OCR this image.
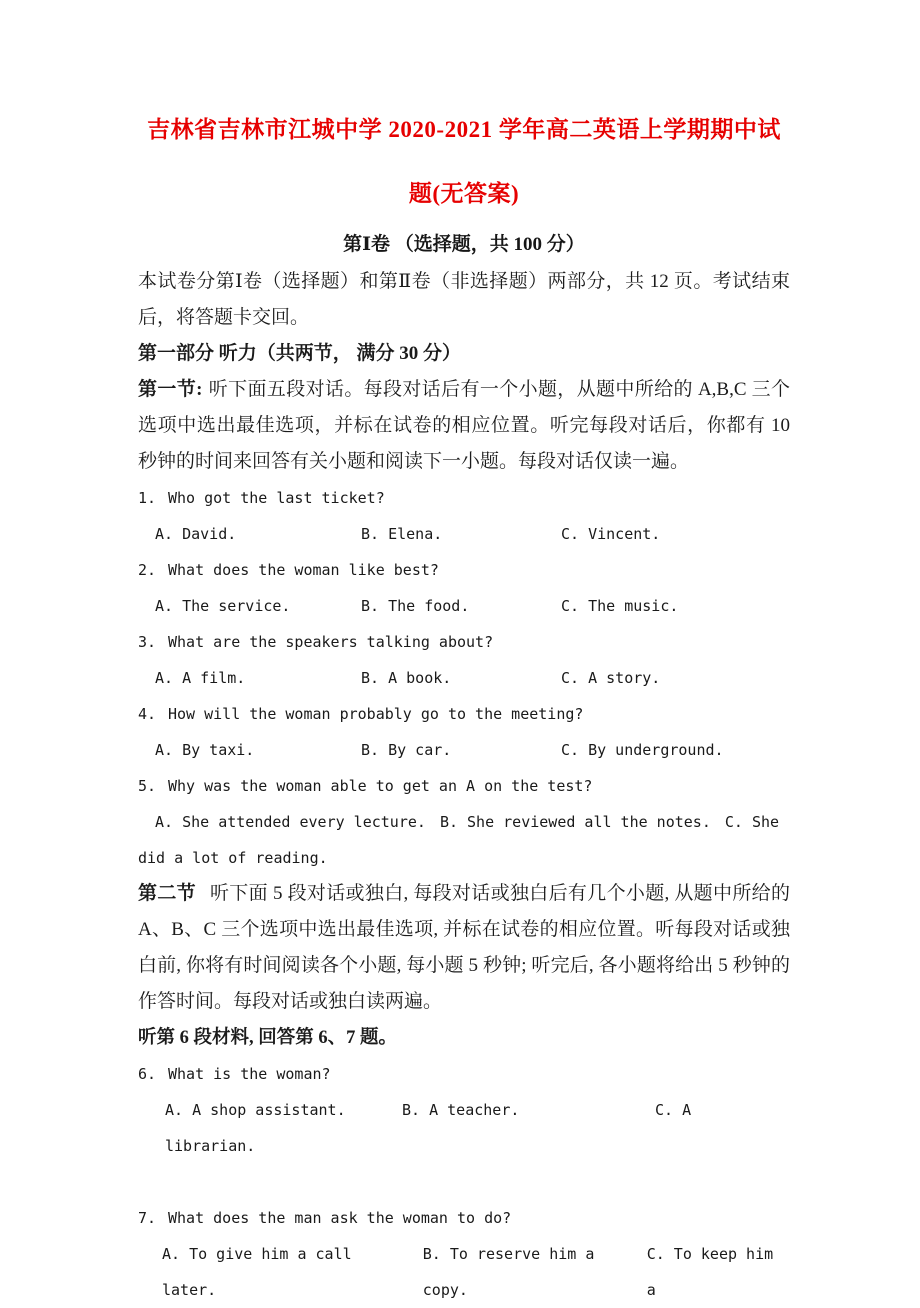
吉林省吉林市江城中学 2020-2021 学年高二英语上学期期中试题(无答案)

第Ⅰ卷 （选择题，共 100 分）

本试卷分第Ⅰ卷（选择题）和第Ⅱ卷（非选择题）两部分，共 12 页。考试结束后，将答题卡交回。

第一部分 听力（共两节， 满分 30 分）

第一节: 听下面五段对话。每段对话后有一个小题，从题中所给的 A,B,C 三个选项中选出最佳选项，并标在试卷的相应位置。听完每段对话后，你都有 10 秒钟的时间来回答有关小题和阅读下一小题。每段对话仅读一遍。

1. Who got the last ticket?

A. David.	B. Elena.	C. Vincent.

2. What does the woman like best?

A. The service.	B. The food.	C. The music.

3. What are the speakers talking about?

A. A film.	B. A book.	C. A story.

4. How will the woman probably go to the meeting?

A. By taxi.	B. By car.	C. By underground.

5. Why was the woman able to get an A on the test?

A. She attended every lecture. B. She reviewed all the notes. C. She did a lot of reading.

第二节 听下面 5 段对话或独白, 每段对话或独白后有几个小题, 从题中所给的 A、B、C 三个选项中选出最佳选项, 并标在试卷的相应位置。听每段对话或独白前, 你将有时间阅读各个小题, 每小题 5 秒钟; 听完后, 各小题将给出 5 秒钟的作答时间。每段对话或独白读两遍。

听第 6 段材料, 回答第 6、7 题。

6. What is the woman?

A. A shop assistant.	B. A teacher.	C. A librarian.

7. What does the man ask the woman to do?

A. To give him a call later.
B. To reserve him a copy.
C. To keep him a
